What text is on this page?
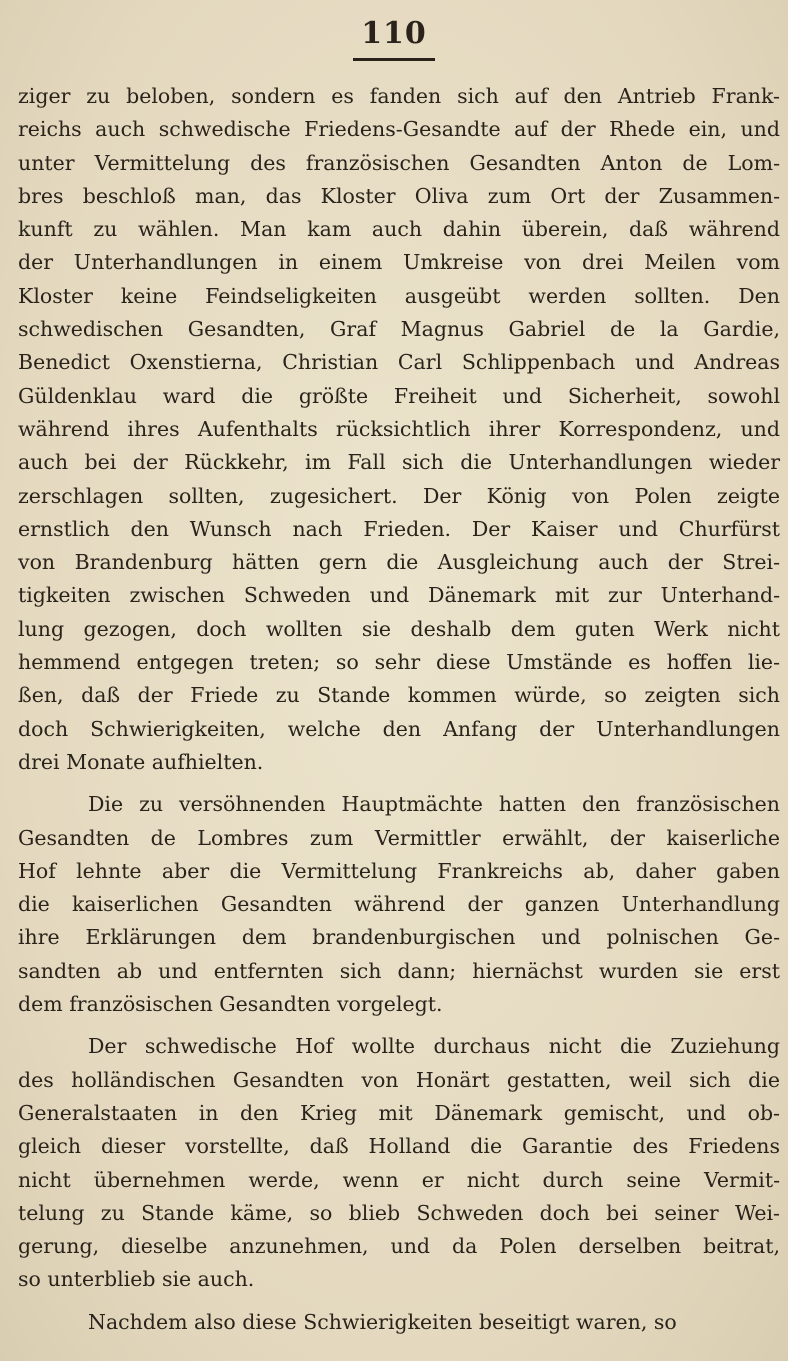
110
ziger zu beloben, sondern es fanden sich auf den Antrieb Frank-
reichs auch schwedische Friedens-Gesandte auf der Rhede ein, und
unter Vermittelung des französischen Gesandten Anton de Lom-
bres beschloß man, das Kloster Oliva zum Ort der Zusammen-
kunft zu wählen. Man kam auch dahin überein, daß während
der Unterhandlungen in einem Umkreise von drei Meilen vom
Kloster keine Feindseligkeiten ausgeübt werden sollten. Den
schwedischen Gesandten, Graf Magnus Gabriel de la Gardie,
Benedict Oxenstierna, Christian Carl Schlippenbach und Andreas
Güldenklau ward die größte Freiheit und Sicherheit, sowohl
während ihres Aufenthalts rücksichtlich ihrer Korrespondenz, und
auch bei der Rückkehr, im Fall sich die Unterhandlungen wieder
zerschlagen sollten, zugesichert. Der König von Polen zeigte
ernstlich den Wunsch nach Frieden. Der Kaiser und Churfürst
von Brandenburg hätten gern die Ausgleichung auch der Strei-
tigkeiten zwischen Schweden und Dänemark mit zur Unterhand-
lung gezogen, doch wollten sie deshalb dem guten Werk nicht
hemmend entgegen treten; so sehr diese Umstände es hoffen lie-
ßen, daß der Friede zu Stande kommen würde, so zeigten sich
doch Schwierigkeiten, welche den Anfang der Unterhandlungen
drei Monate aufhielten.
Die zu versöhnenden Hauptmächte hatten den französischen
Gesandten de Lombres zum Vermittler erwählt, der kaiserliche
Hof lehnte aber die Vermittelung Frankreichs ab, daher gaben
die kaiserlichen Gesandten während der ganzen Unterhandlung
ihre Erklärungen dem brandenburgischen und polnischen Ge-
sandten ab und entfernten sich dann; hiernächst wurden sie erst
dem französischen Gesandten vorgelegt.
Der schwedische Hof wollte durchaus nicht die Zuziehung
des holländischen Gesandten von Honärt gestatten, weil sich die
Generalstaaten in den Krieg mit Dänemark gemischt, und ob-
gleich dieser vorstellte, daß Holland die Garantie des Friedens
nicht übernehmen werde, wenn er nicht durch seine Vermit-
telung zu Stande käme, so blieb Schweden doch bei seiner Wei-
gerung, dieselbe anzunehmen, und da Polen derselben beitrat,
so unterblieb sie auch.
Nachdem also diese Schwierigkeiten beseitigt waren, so
